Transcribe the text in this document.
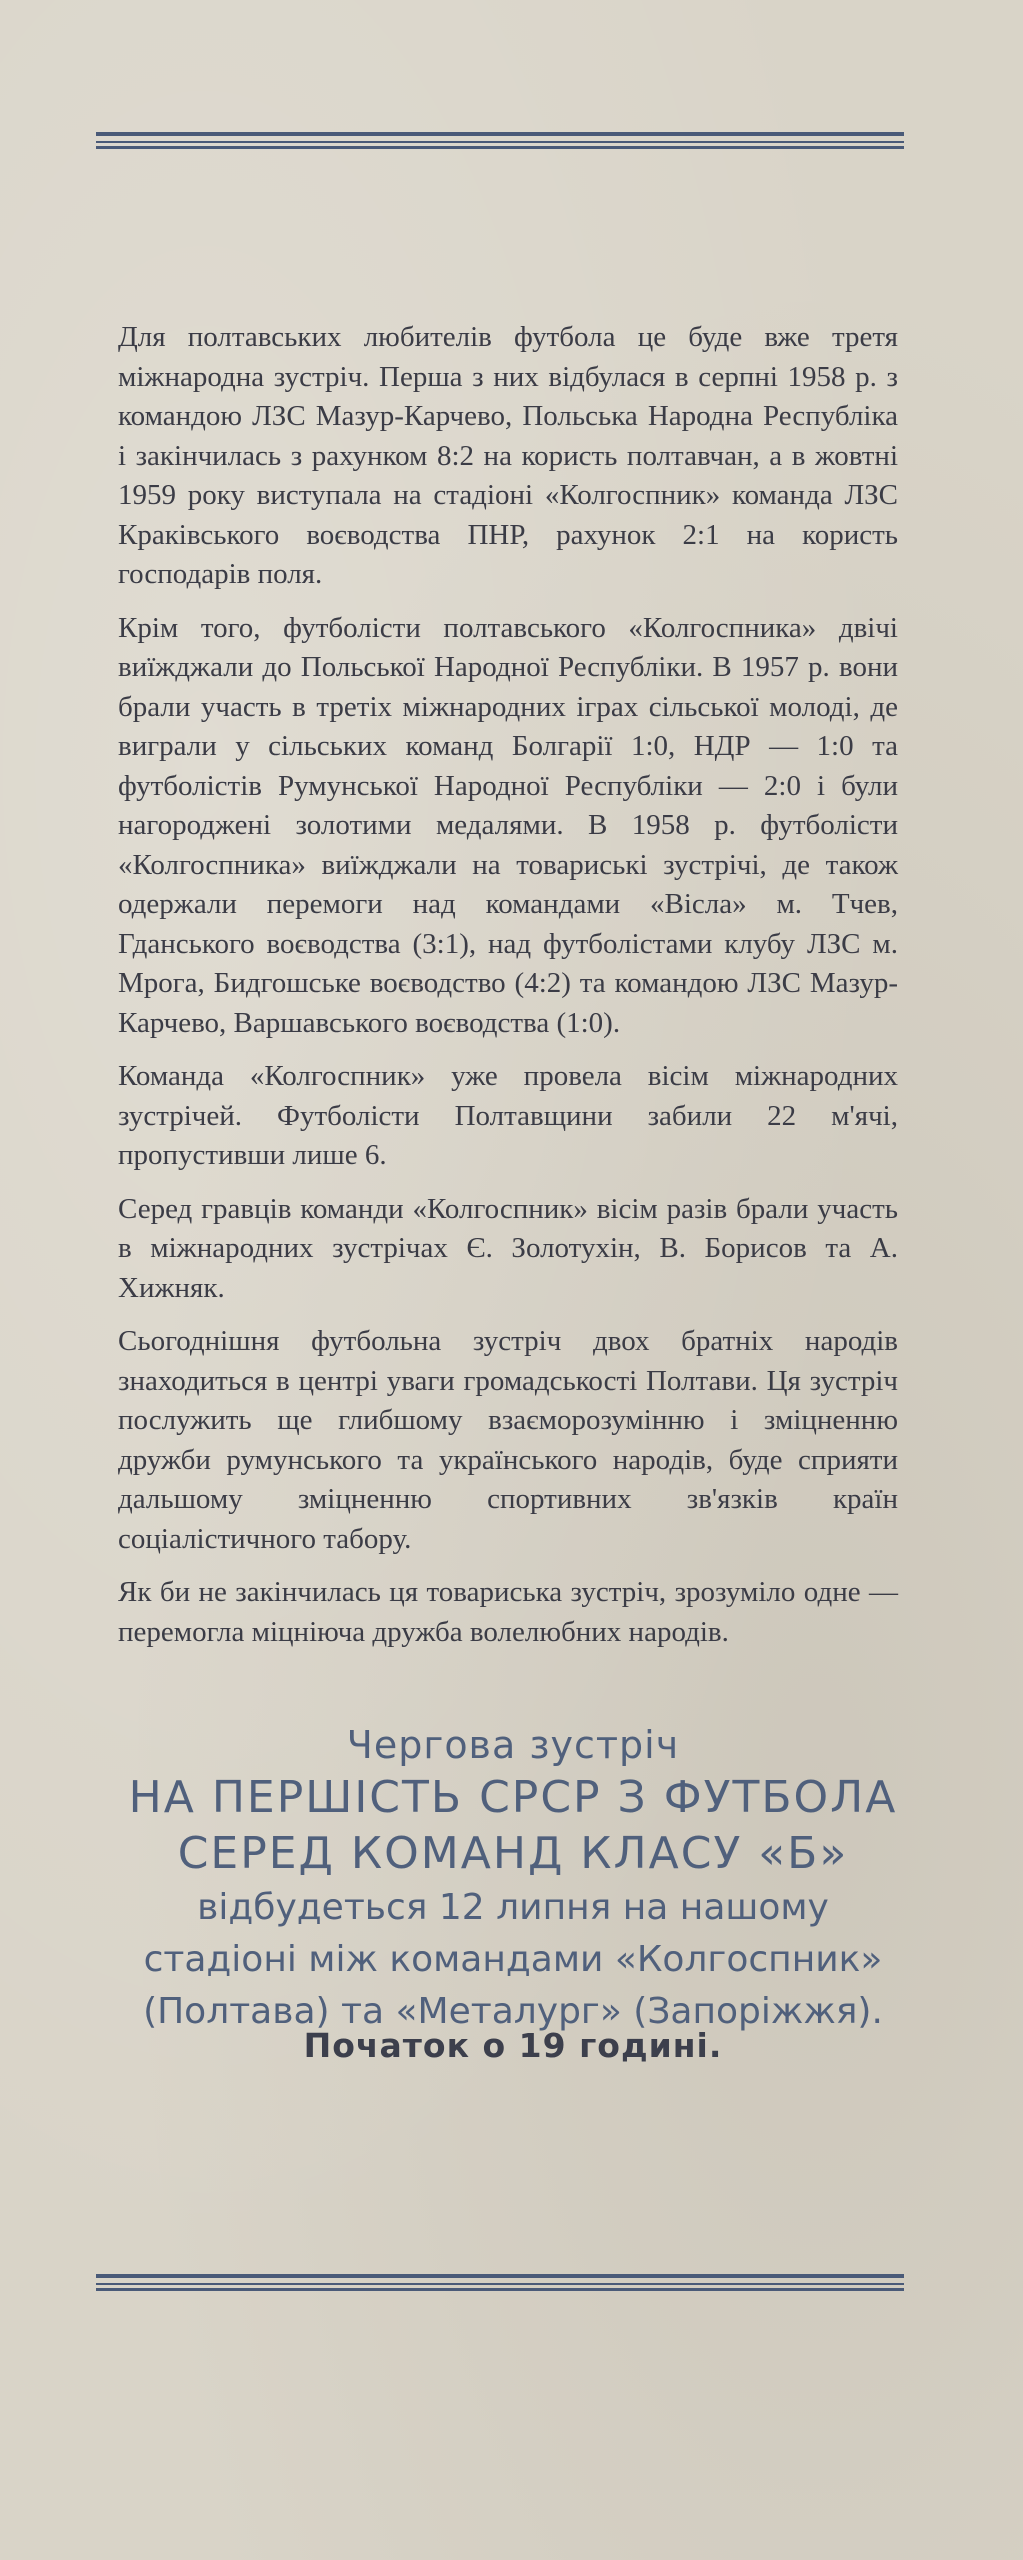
Для полтавських любителів футбола це буде вже третя міжнародна зустріч. Перша з них відбулася в серпні 1958 р. з командою ЛЗС Мазур-Карчево, Польська Народна Республіка і закінчилась з рахунком 8:2 на користь полтавчан, а в жовтні 1959 року виступала на стадіоні «Колгоспник» команда ЛЗС Краківського воєводства ПНР, рахунок 2:1 на користь господарів поля.

Крім того, футболісти полтавського «Колгоспника» двічі виїжджали до Польської Народної Республіки. В 1957 р. вони брали участь в третіх міжнародних іграх сільської молоді, де виграли у сільських команд Болгарії 1:0, НДР — 1:0 та футболістів Румунської Народної Республіки — 2:0 і були нагороджені золотими медалями. В 1958 р. футболісти «Колгоспника» виїжджали на товариські зустрічі, де також одержали перемоги над командами «Вісла» м. Тчев, Гданського воєводства (3:1), над футболістами клубу ЛЗС м. Мрога, Бидгошське воєводство (4:2) та командою ЛЗС Мазур-Карчево, Варшавського воєводства (1:0).

Команда «Колгоспник» уже провела вісім міжнародних зустрічей. Футболісти Полтавщини забили 22 м'ячі, пропустивши лише 6.

Серед гравців команди «Колгоспник» вісім разів брали участь в міжнародних зустрічах Є. Золотухін, В. Борисов та А. Хижняк.

Сьогоднішня футбольна зустріч двох братніх народів знаходиться в центрі уваги громадськості Полтави. Ця зустріч послужить ще глибшому взаєморозумінню і зміцненню дружби румунського та українського народів, буде сприяти дальшому зміцненню спортивних зв'язків країн соціалістичного табору.

Як би не закінчилась ця товариська зустріч, зрозуміло одне — перемогла міцніюча дружба волелюбних народів.

Чергова зустріч
НА ПЕРШІСТЬ СРСР З ФУТБОЛА
СЕРЕД КОМАНД КЛАСУ «Б»
відбудеться 12 липня на нашому
стадіоні між командами «Колгоспник»
(Полтава) та «Металург» (Запоріжжя).
Початок о 19 годині.
